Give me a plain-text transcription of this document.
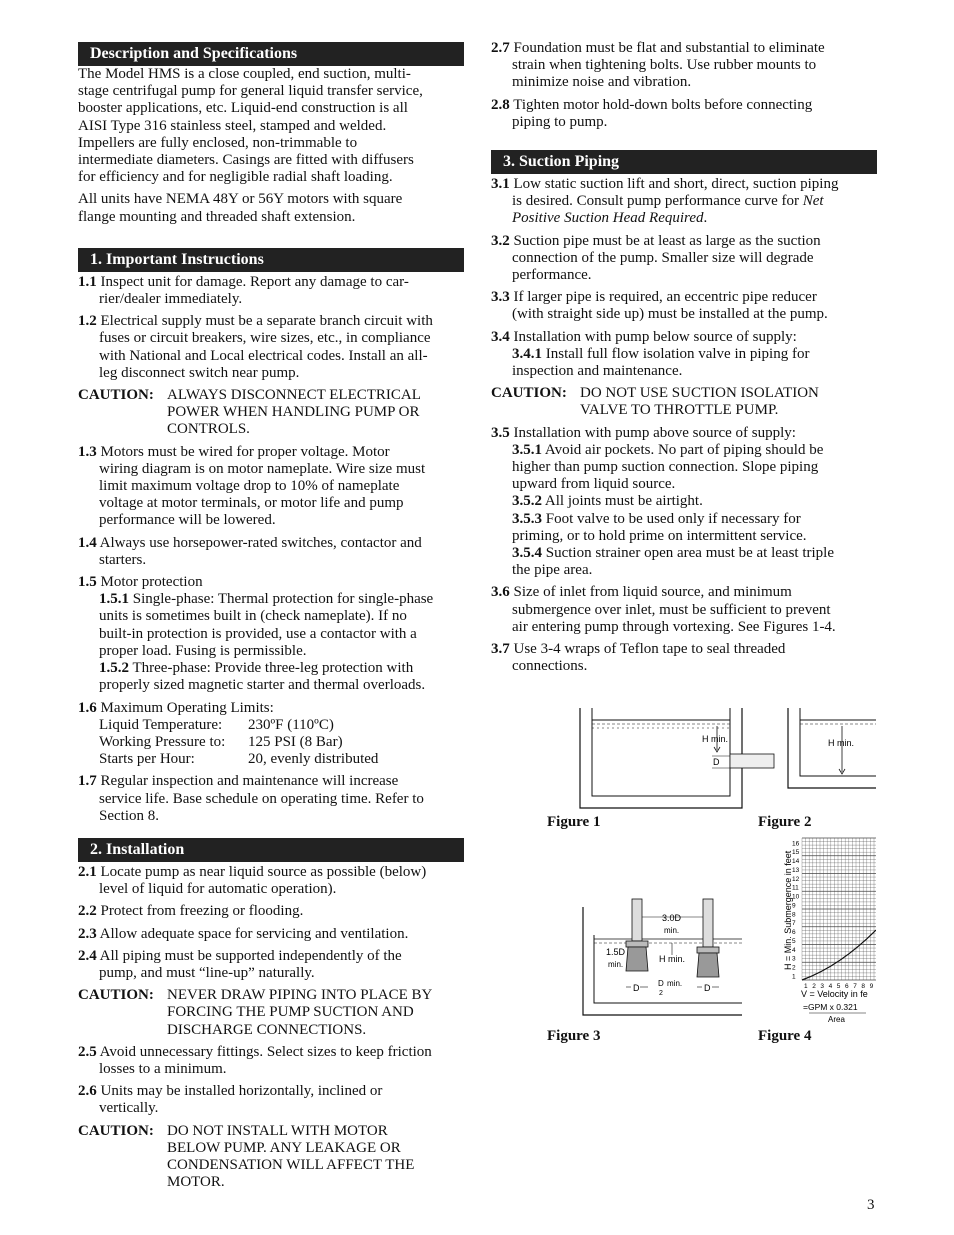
Description and Specifications
The Model HMS is a close coupled, end suction, multi-
stage centrifugal pump for general liquid transfer service,
booster applications, etc. Liquid-end construction is all
AISI Type 316 stainless steel, stamped and welded.
Impellers are fully enclosed, non-trimmable to
intermediate diameters. Casings are fitted with diffusers
for efficiency and for negligible radial shaft loading.
All units have NEMA 48Y or 56Y motors with square
flange mounting and threaded shaft extension.
1. Important Instructions
1.1 Inspect unit for damage. Report any damage to car-
rier/dealer immediately.
1.2 Electrical supply must be a separate branch circuit with
fuses or circuit breakers, wire sizes, etc., in compliance
with National and Local electrical codes. Install an all-
leg disconnect switch near pump.
CAUTION: ALWAYS DISCONNECT ELECTRICAL
POWER WHEN HANDLING PUMP OR
CONTROLS.
1.3 Motors must be wired for proper voltage. Motor
wiring diagram is on motor nameplate. Wire size must
limit maximum voltage drop to 10% of nameplate
voltage at motor terminals, or motor life and pump
performance will be lowered.
1.4 Always use horsepower-rated switches, contactor and
starters.
1.5 Motor protection
1.5.1 Single-phase: Thermal protection for single-phase
units is sometimes built in (check nameplate). If no
built-in protection is provided, use a contactor with a
proper load. Fusing is permissible.
1.5.2 Three-phase: Provide three-leg protection with
properly sized magnetic starter and thermal overloads.
1.6 Maximum Operating Limits:
Liquid Temperature:	230ºF (110ºC)
Working Pressure to:	125 PSI (8 Bar)
Starts per Hour:	20, evenly distributed
1.7 Regular inspection and maintenance will increase
service life. Base schedule on operating time. Refer to
Section 8.
2. Installation
2.1 Locate pump as near liquid source as possible (below)
level of liquid for automatic operation).
2.2 Protect from freezing or flooding.
2.3 Allow adequate space for servicing and ventilation.
2.4 All piping must be supported independently of the
pump, and must “line-up” naturally.
CAUTION: NEVER DRAW PIPING INTO PLACE BY
FORCING THE PUMP SUCTION AND
DISCHARGE CONNECTIONS.
2.5 Avoid unnecessary fittings. Select sizes to keep friction
losses to a minimum.
2.6 Units may be installed horizontally, inclined or
vertically.
CAUTION: DO NOT INSTALL WITH MOTOR
BELOW PUMP. ANY LEAKAGE OR
CONDENSATION WILL AFFECT THE
MOTOR.
2.7 Foundation must be flat and substantial to eliminate
strain when tightening bolts. Use rubber mounts to
minimize noise and vibration.
2.8 Tighten motor hold-down bolts before connecting
piping to pump.
3. Suction Piping
3.1 Low static suction lift and short, direct, suction piping
is desired. Consult pump performance curve for Net
Positive Suction Head Required.
3.2 Suction pipe must be at least as large as the suction
connection of the pump. Smaller size will degrade
performance.
3.3 If larger pipe is required, an eccentric pipe reducer
(with straight side up) must be installed at the pump.
3.4 Installation with pump below source of supply:
3.4.1 Install full flow isolation valve in piping for
inspection and maintenance.
CAUTION: DO NOT USE SUCTION ISOLATION
VALVE TO THROTTLE PUMP.
3.5 Installation with pump above source of supply:
3.5.1 Avoid air pockets. No part of piping should be
higher than pump suction connection. Slope piping
upward from liquid source.
3.5.2 All joints must be airtight.
3.5.3 Foot valve to be used only if necessary for
priming, or to hold prime on intermittent service.
3.5.4 Suction strainer open area must be at least triple
the pipe area.
3.6 Size of inlet from liquid source, and minimum
submergence over inlet, must be sufficient to prevent
air entering pump through vortexing. See Figures 1-4.
3.7 Use 3-4 wraps of Teflon tape to seal threaded
connections.
H min.
D
H min.
Figure 1	Figure 2
3.0D
min.
1.5D
min.
H min.
D D
2
min. D
Figure 3
1
2
3
4
5
6
7
8
9
10
11
12
13
14
15
16
1 2 3 4 5 6 7 8 9
H = Min. Submergence in feet
V = Velocity in fe
=GPM x 0.321
Area
Figure 4
3
